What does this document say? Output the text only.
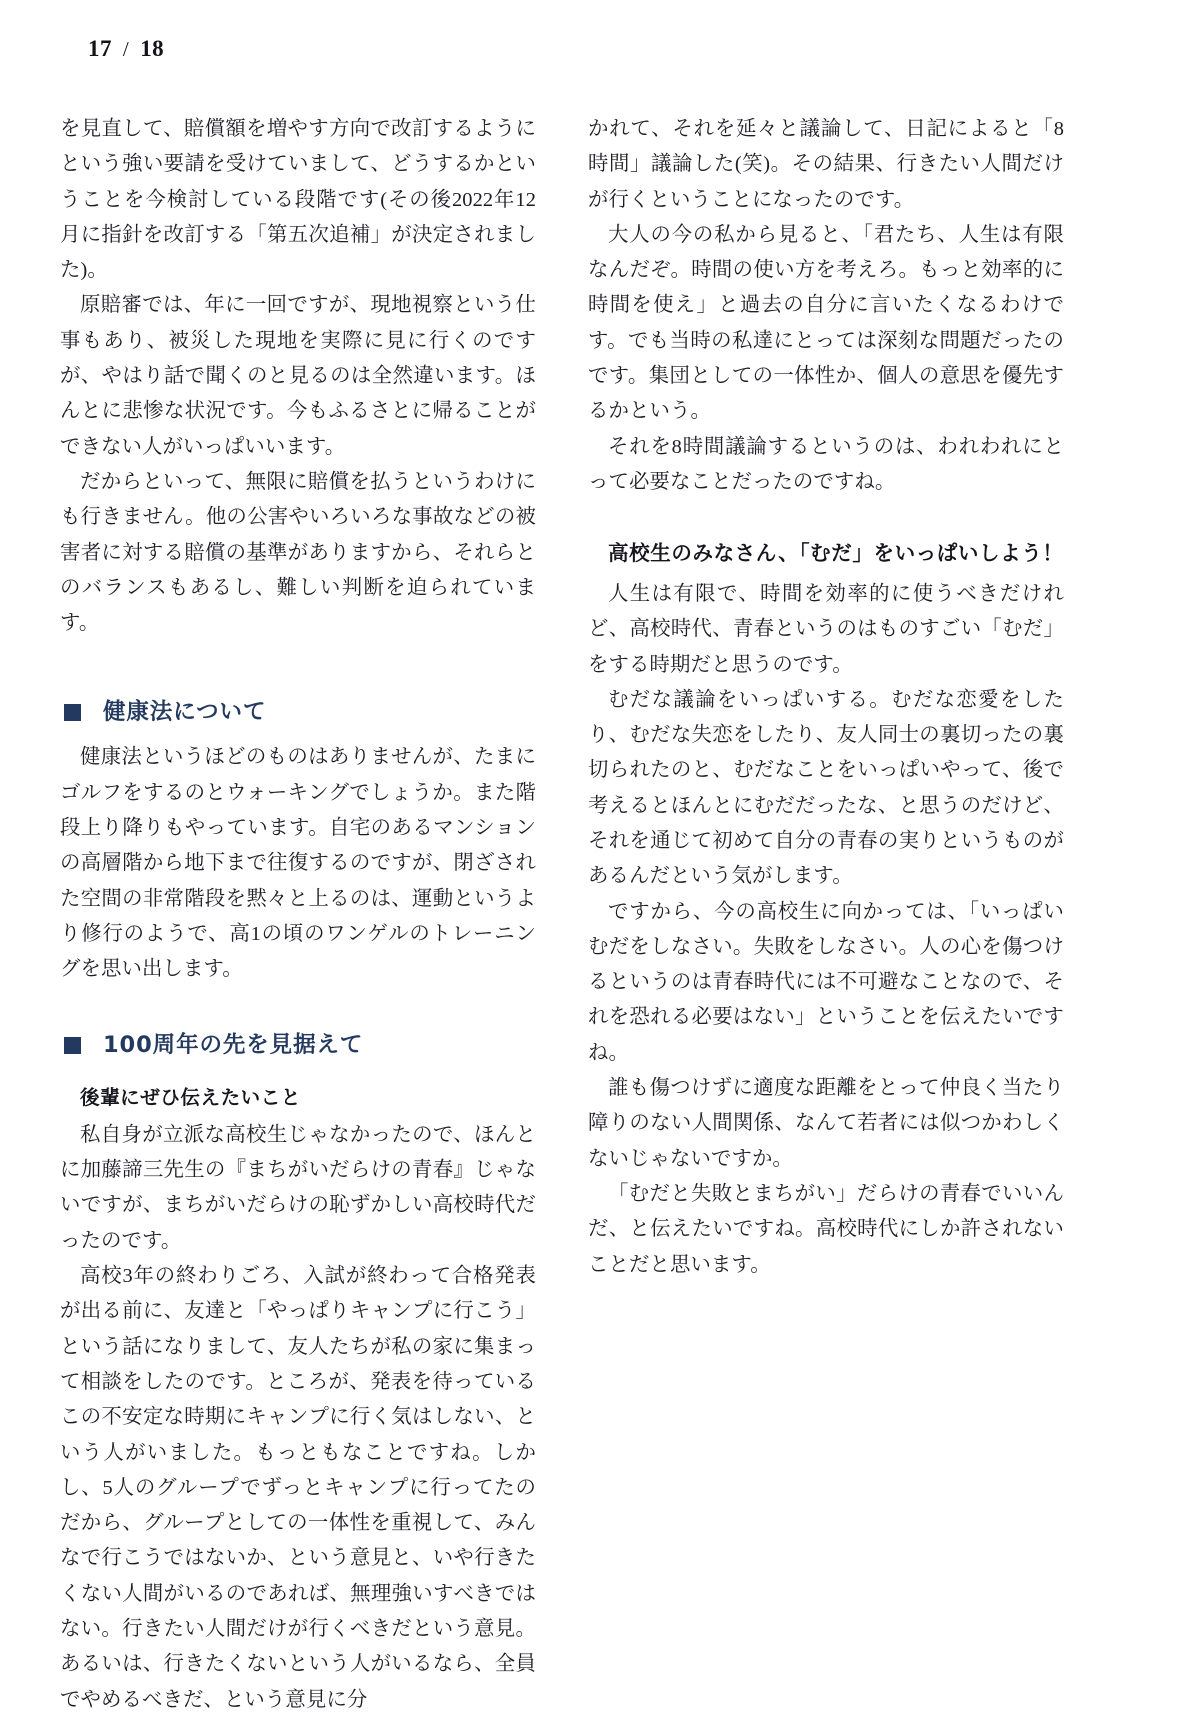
17 / 18

を見直して、賠償額を増やす方向で改訂するようにという強い要請を受けていまして、どうするかということを今検討している段階です(その後2022年12月に指針を改訂する「第五次追補」が決定されました)。

原賠審では、年に一回ですが、現地視察という仕事もあり、被災した現地を実際に見に行くのですが、やはり話で聞くのと見るのは全然違います。ほんとに悲惨な状況です。今もふるさとに帰ることができない人がいっぱいいます。

だからといって、無限に賠償を払うというわけにも行きません。他の公害やいろいろな事故などの被害者に対する賠償の基準がありますから、それらとのバランスもあるし、難しい判断を迫られています。

健康法について

健康法というほどのものはありませんが、たまにゴルフをするのとウォーキングでしょうか。また階段上り降りもやっています。自宅のあるマンションの高層階から地下まで往復するのですが、閉ざされた空間の非常階段を黙々と上るのは、運動というより修行のようで、高1の頃のワンゲルのトレーニングを思い出します。

100周年の先を見据えて
後輩にぜひ伝えたいこと

私自身が立派な高校生じゃなかったので、ほんとに加藤諦三先生の『まちがいだらけの青春』じゃないですが、まちがいだらけの恥ずかしい高校時代だったのです。

高校3年の終わりごろ、入試が終わって合格発表が出る前に、友達と「やっぱりキャンプに行こう」という話になりまして、友人たちが私の家に集まって相談をしたのです。ところが、発表を待っているこの不安定な時期にキャンプに行く気はしない、という人がいました。もっともなことですね。しかし、5人のグループでずっとキャンプに行ってたのだから、グループとしての一体性を重視して、みんなで行こうではないか、という意見と、いや行きたくない人間がいるのであれば、無理強いすべきではない。行きたい人間だけが行くべきだという意見。あるいは、行きたくないという人がいるなら、全員でやめるべきだ、という意見に分

かれて、それを延々と議論して、日記によると「8時間」議論した(笑)。その結果、行きたい人間だけが行くということになったのです。

大人の今の私から見ると、「君たち、人生は有限なんだぞ。時間の使い方を考えろ。もっと効率的に時間を使え」と過去の自分に言いたくなるわけです。でも当時の私達にとっては深刻な問題だったのです。集団としての一体性か、個人の意思を優先するかという。

それを8時間議論するというのは、われわれにとって必要なことだったのですね。

高校生のみなさん、「むだ」をいっぱいしよう！

人生は有限で、時間を効率的に使うべきだけれど、高校時代、青春というのはものすごい「むだ」をする時期だと思うのです。

むだな議論をいっぱいする。むだな恋愛をしたり、むだな失恋をしたり、友人同士の裏切ったの裏切られたのと、むだなことをいっぱいやって、後で考えるとほんとにむだだったな、と思うのだけど、それを通じて初めて自分の青春の実りというものがあるんだという気がします。

ですから、今の高校生に向かっては、「いっぱいむだをしなさい。失敗をしなさい。人の心を傷つけるというのは青春時代には不可避なことなので、それを恐れる必要はない」ということを伝えたいですね。

誰も傷つけずに適度な距離をとって仲良く当たり障りのない人間関係、なんて若者には似つかわしくないじゃないですか。

「むだと失敗とまちがい」だらけの青春でいいんだ、と伝えたいですね。高校時代にしか許されないことだと思います。
